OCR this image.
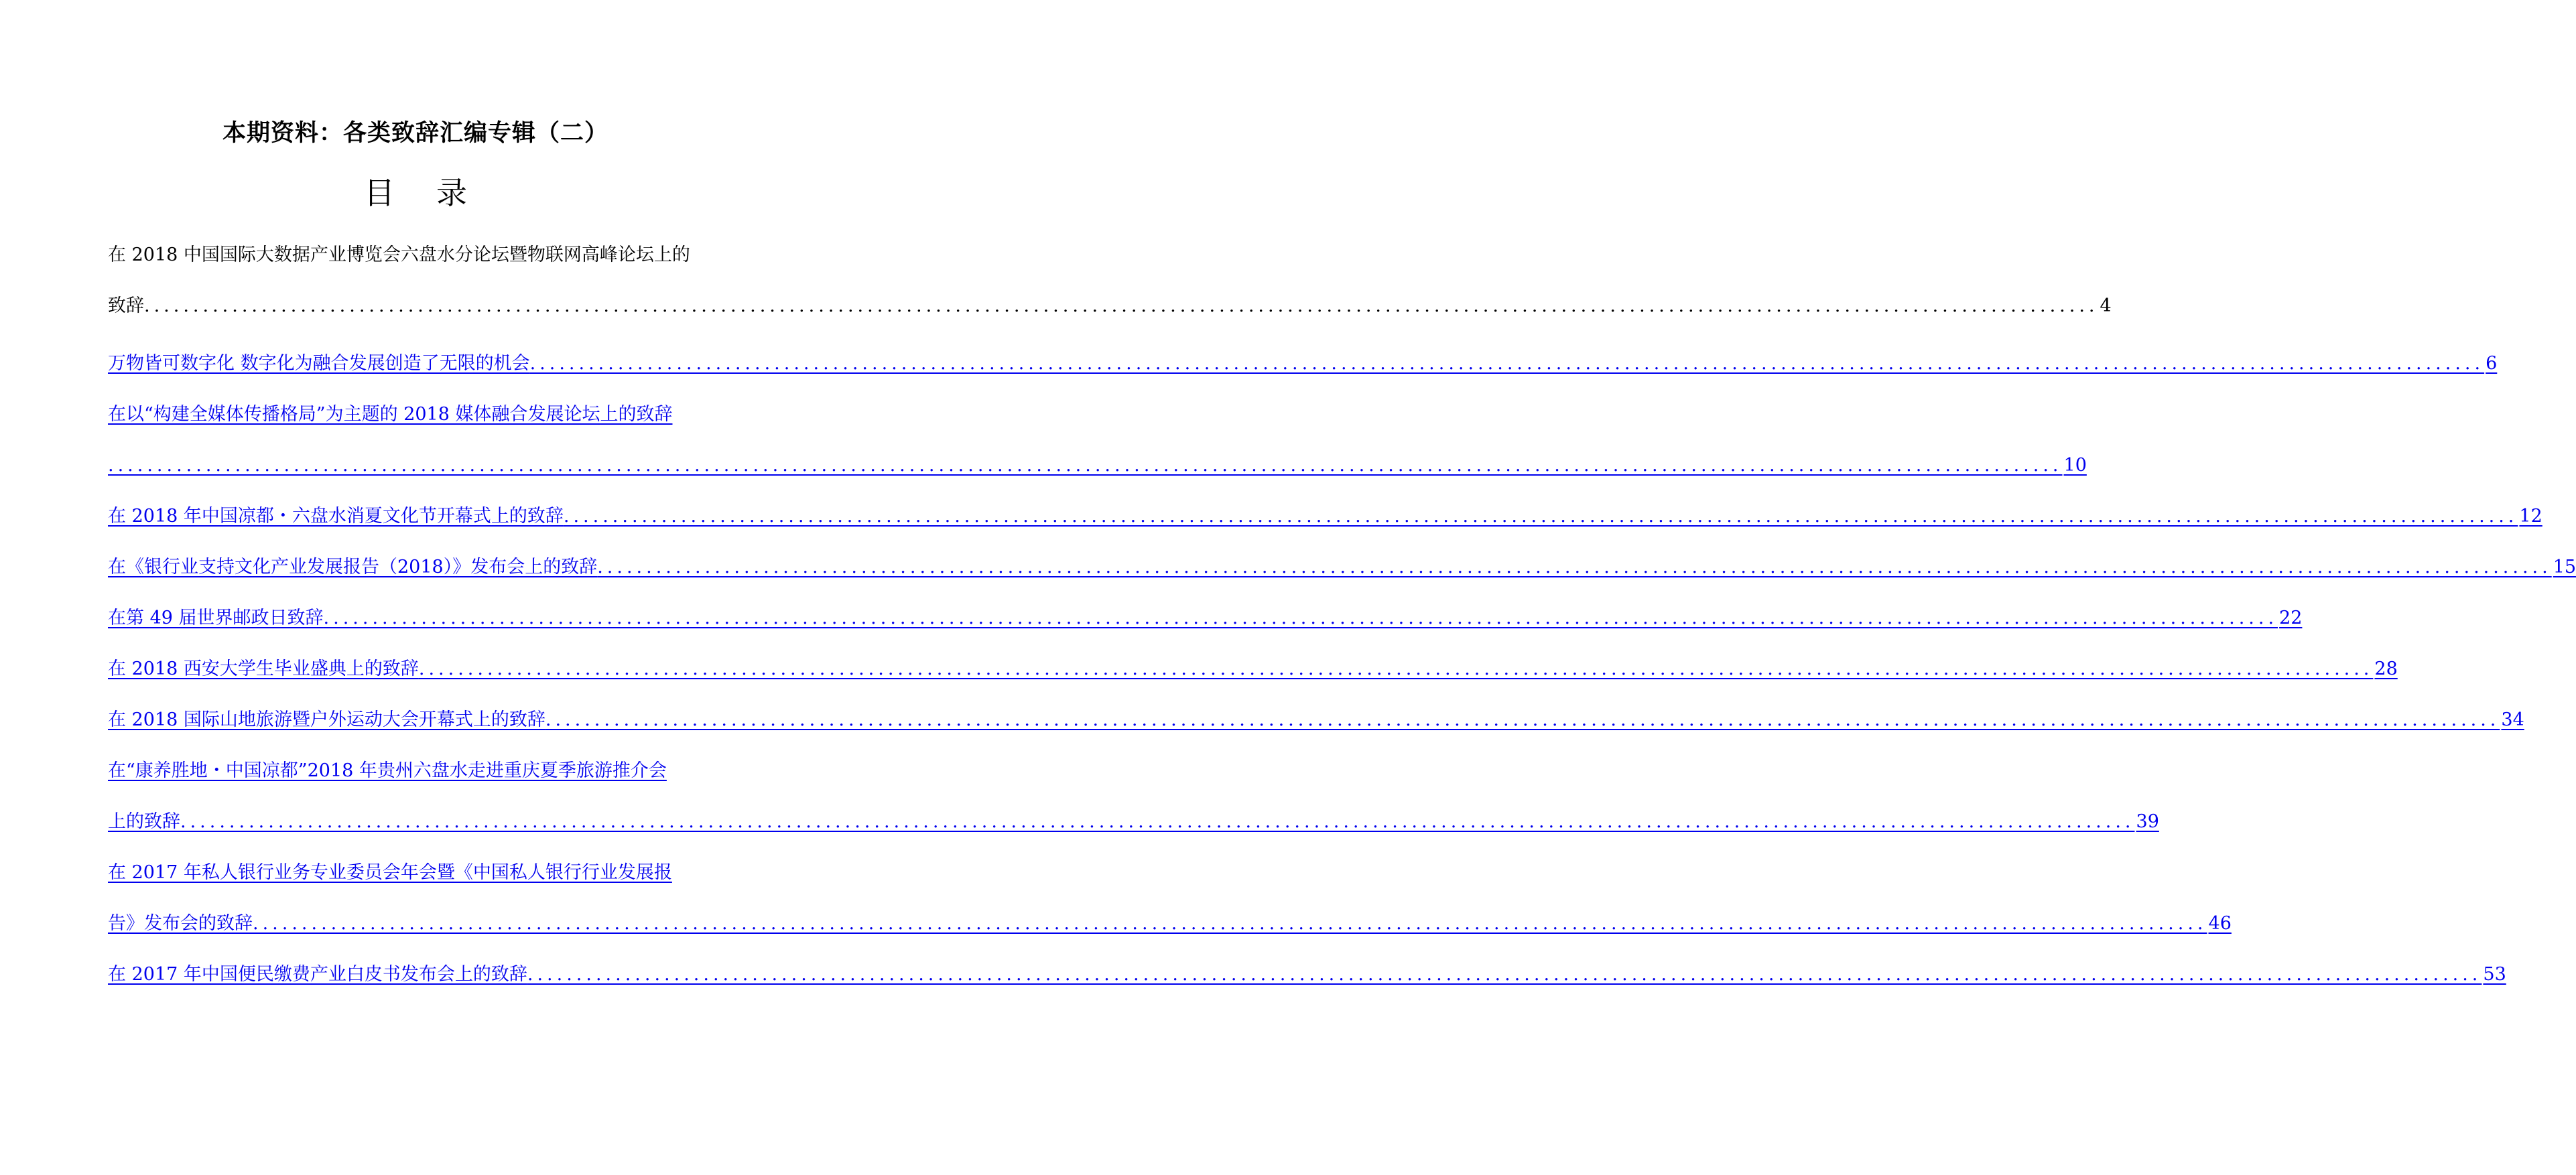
本期资料：各类致辞汇编专辑（二）
目 录
在 2018 中国国际大数据产业博览会六盘水分论坛暨物联网高峰论坛上的
致辞 ........................................................................................................................................................................................................ 4
万物皆可数字化 数字化为融合发展创造了无限的机会 ........................................................................................................................................................................................................ 6
在以“构建全媒体传播格局”为主题的 2018 媒体融合发展论坛上的致辞
........................................................................................................................................................................................................ 10
在 2018 年中国凉都・六盘水消夏文化节开幕式上的致辞 ........................................................................................................................................................................................................ 12
在《银行业支持文化产业发展报告（2018）》发布会上的致辞 ........................................................................................................................................................................................................ 15
在第 49 届世界邮政日致辞 ........................................................................................................................................................................................................ 22
在 2018 西安大学生毕业盛典上的致辞 ........................................................................................................................................................................................................ 28
在 2018 国际山地旅游暨户外运动大会开幕式上的致辞 ........................................................................................................................................................................................................ 34
在“康养胜地・中国凉都”2018 年贵州六盘水走进重庆夏季旅游推介会
上的致辞 ........................................................................................................................................................................................................ 39
在 2017 年私人银行业务专业委员会年会暨《中国私人银行行业发展报
告》发布会的致辞 ........................................................................................................................................................................................................ 46
在 2017 年中国便民缴费产业白皮书发布会上的致辞 ........................................................................................................................................................................................................ 53
